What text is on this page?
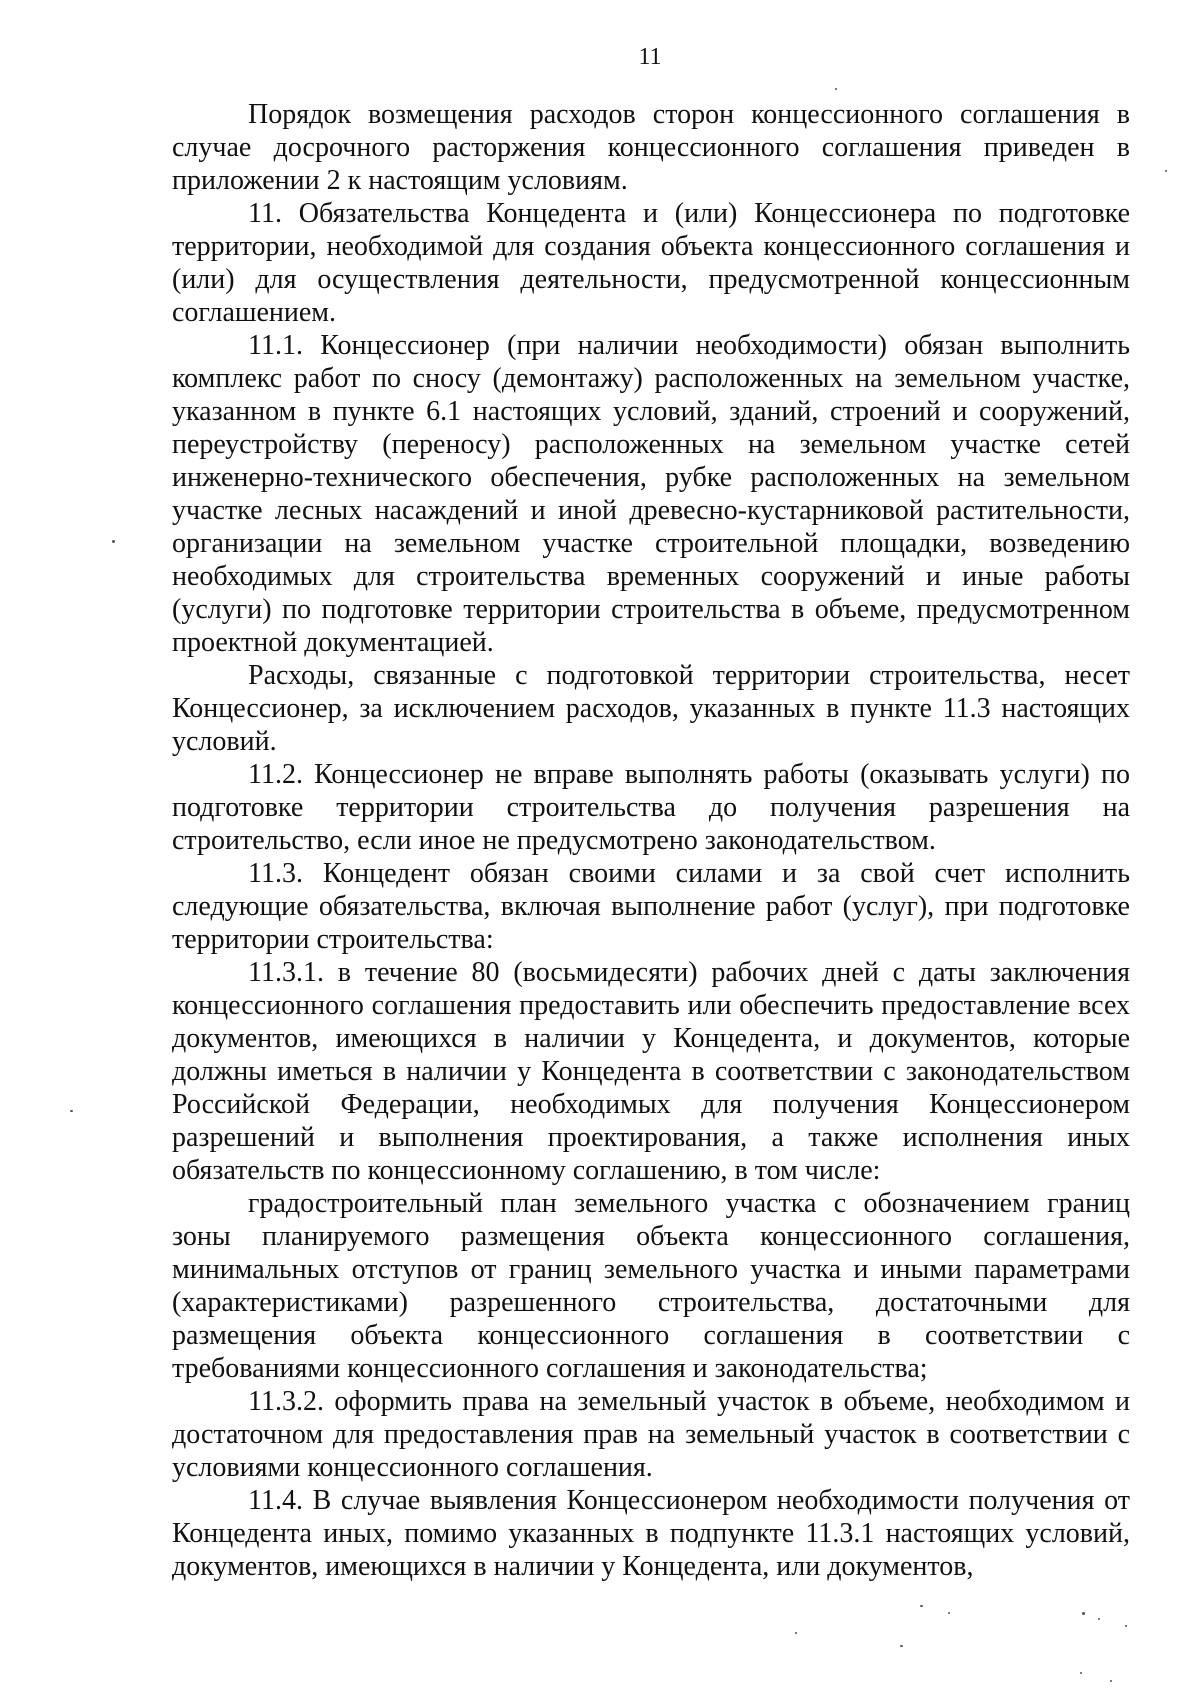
11

Порядок возмещения расходов сторон концессионного соглашения в случае досрочного расторжения концессионного соглашения приведен в приложении 2 к настоящим условиям.

11. Обязательства Концедента и (или) Концессионера по подготовке территории, необходимой для создания объекта концессионного соглашения и (или) для осуществления деятельности, предусмотренной концессионным соглашением.

11.1. Концессионер (при наличии необходимости) обязан выполнить комплекс работ по сносу (демонтажу) расположенных на земельном участке, указанном в пункте 6.1 настоящих условий, зданий, строений и сооружений, переустройству (переносу) расположенных на земельном участке сетей инженерно-технического обеспечения, рубке расположенных на земельном участке лесных насаждений и иной древесно-кустарниковой растительности, организации на земельном участке строительной площадки, возведению необходимых для строительства временных сооружений и иные работы (услуги) по подготовке территории строительства в объеме, предусмотренном проектной документацией.

Расходы, связанные с подготовкой территории строительства, несет Концессионер, за исключением расходов, указанных в пункте 11.3 настоящих условий.

11.2. Концессионер не вправе выполнять работы (оказывать услуги) по подготовке территории строительства до получения разрешения на строительство, если иное не предусмотрено законодательством.

11.3. Концедент обязан своими силами и за свой счет исполнить следующие обязательства, включая выполнение работ (услуг), при подготовке территории строительства:

11.3.1. в течение 80 (восьмидесяти) рабочих дней с даты заключения концессионного соглашения предоставить или обеспечить предоставление всех документов, имеющихся в наличии у Концедента, и документов, которые должны иметься в наличии у Концедента в соответствии с законодательством Российской Федерации, необходимых для получения Концессионером разрешений и выполнения проектирования, а также исполнения иных обязательств по концессионному соглашению, в том числе:

градостроительный план земельного участка с обозначением границ зоны планируемого размещения объекта концессионного соглашения, минимальных отступов от границ земельного участка и иными параметрами (характеристиками) разрешенного строительства, достаточными для размещения объекта концессионного соглашения в соответствии с требованиями концессионного соглашения и законодательства;

11.3.2. оформить права на земельный участок в объеме, необходимом и достаточном для предоставления прав на земельный участок в соответствии с условиями концессионного соглашения.

11.4. В случае выявления Концессионером необходимости получения от Концедента иных, помимо указанных в подпункте 11.3.1 настоящих условий, документов, имеющихся в наличии у Концедента, или документов,
